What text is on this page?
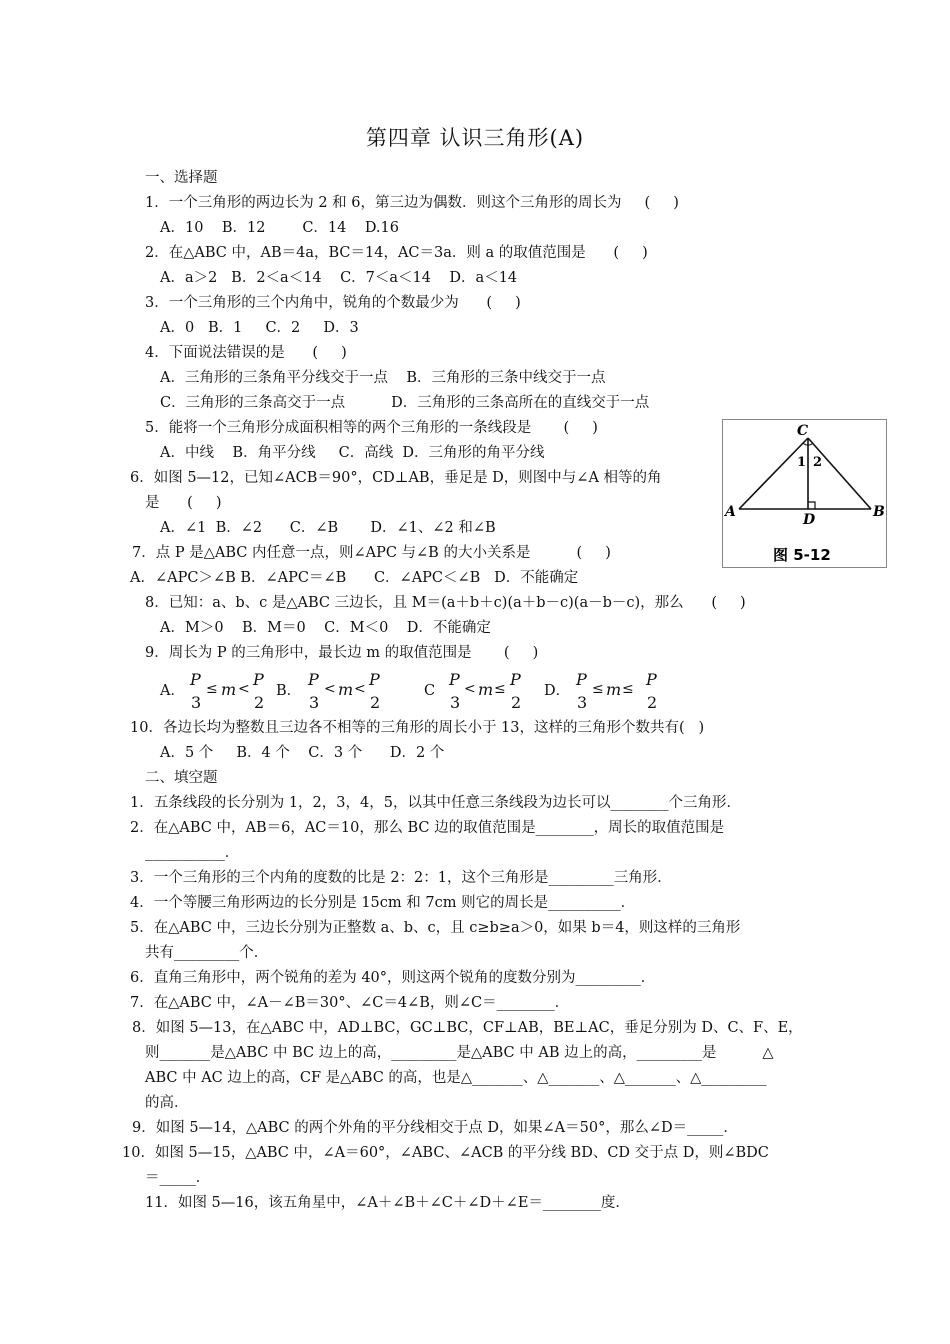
第四章 认识三角形(A)
一、选择题
1．一个三角形的两边长为 2 和 6，第三边为偶数．则这个三角形的周长为     (     )
A．10    B．12        C．14    D.16
2．在△ABC 中，AB＝4a，BC＝14，AC＝3a．则 a 的取值范围是      (     )
A．a＞2   B．2＜a＜14    C．7＜a＜14    D．a＜14
3．一个三角形的三个内角中，锐角的个数最少为      (     )
A．0   B．1     C．2     D．3
4．下面说法错误的是      (     )
A．三角形的三条角平分线交于一点    B．三角形的三条中线交于一点
C．三角形的三条高交于一点          D．三角形的三条高所在的直线交于一点
5．能将一个三角形分成面积相等的两个三角形的一条线段是       (     )
A．中线    B．角平分线     C．高线  D．三角形的角平分线
6．如图 5—12，已知∠ACB＝90°，CD⊥AB，垂足是 D，则图中与∠A 相等的角
是      (     )
A．∠1  B．∠2      C．∠B       D．∠1、∠2 和∠B
7．点 P 是△ABC 内任意一点，则∠APC 与∠B 的大小关系是          (     )
A．∠APC＞∠B B．∠APC＝∠B      C．∠APC＜∠B   D．不能确定
8．已知：a、b、c 是△ABC 三边长，且 M＝(a＋b＋c)(a＋b－c)(a－b－c)，那么      (     )
A．M＞0    B．M＝0    C．M＜0    D．不能确定
9．周长为 P 的三角形中，最长边 m 的取值范围是       (     )
10．各边长均为整数且三边各不相等的三角形的周长小于 13，这样的三角形个数共有(   )
A．5 个     B．4 个    C．3 个      D．2 个
二、填空题
1．五条线段的长分别为 1，2，3，4，5，以其中任意三条线段为边长可以________个三角形．
2．在△ABC 中，AB＝6，AC＝10，那么 BC 边的取值范围是________，周长的取值范围是
___________．
3．一个三角形的三个内角的度数的比是 2：2：1，这个三角形是_________三角形．
4．一个等腰三角形两边的长分别是 15cm 和 7cm 则它的周长是__________．
5．在△ABC 中，三边长分别为正整数 a、b、c，且 c≥b≥a＞0，如果 b＝4，则这样的三角形
共有_________个．
6．直角三角形中，两个锐角的差为 40°，则这两个锐角的度数分别为_________．
7．在△ABC 中，∠A－∠B＝30°、∠C＝4∠B，则∠C＝________．
8．如图 5—13，在△ABC 中，AD⊥BC，GC⊥BC，CF⊥AB，BE⊥AC，垂足分别为 D、C、F、E，
则_______是△ABC 中 BC 边上的高，_________是△ABC 中 AB 边上的高，_________是          △
ABC 中 AC 边上的高，CF 是△ABC 的高，也是△_______、△_______、△_______、△_________
的高．
9．如图 5—14，△ABC 的两个外角的平分线相交于点 D，如果∠A＝50°，那么∠D＝_____．
10．如图 5—15，△ABC 中，∠A＝60°，∠ABC、∠ACB 的平分线 BD、CD 交于点 D，则∠BDC
＝_____．
11．如图 5—16，该五角星中，∠A＋∠B＋∠C＋∠D＋∠E＝________度．
A．
P
3
≤ m < P
2
B．
P
3
< m < P
2
C
P
3
< m ≤ P
2
D．
P
3
≤ m ≤ P
2
C
1 2
A	B
D
图 5-12
